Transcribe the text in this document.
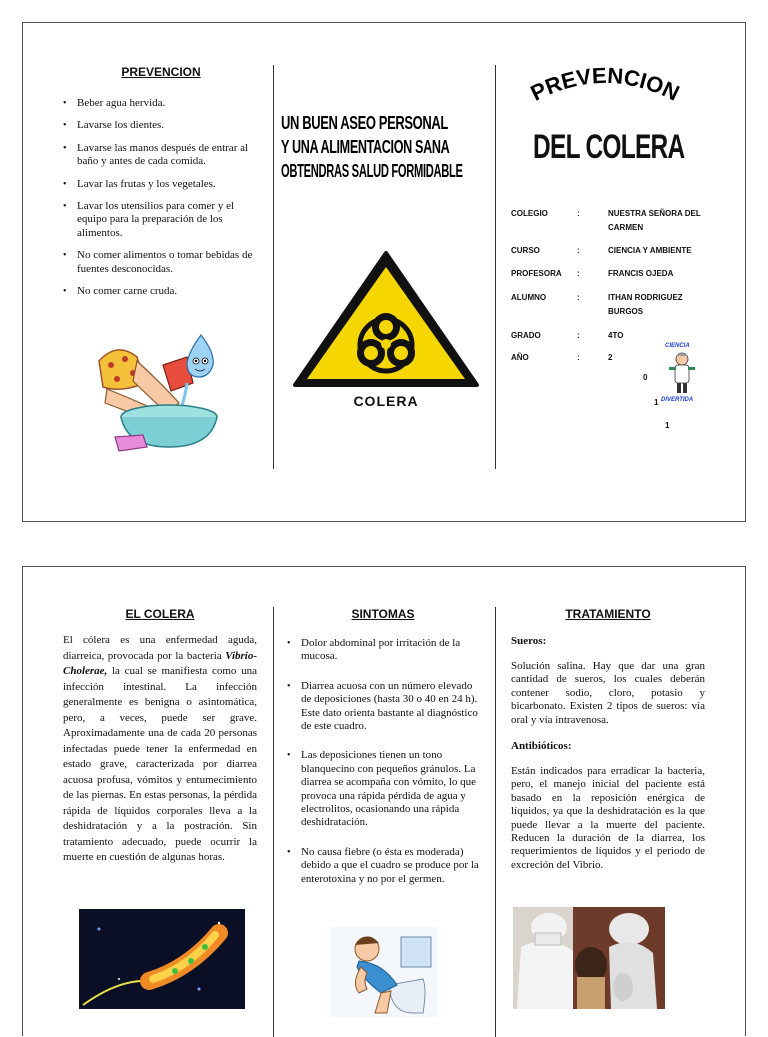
PREVENCION

• Beber agua hervida.
• Lavarse los dientes.
• Lavarse las manos después de entrar al baño y antes de cada comida.
• Lavar las frutas y los vegetales.
• Lavar los utensilios para comer y el equipo para la preparación de los alimentos.
• No comer alimentos o tomar bebidas de fuentes desconocidas.
• No comer carne cruda.
UN BUEN ASEO PERSONAL
Y UNA ALIMENTACION SANA
OBTENDRAS SALUD FORMIDABLE
COLERA
PREVENCION
DEL COLERA
COLEGIO	:	NUESTRA SEÑORA DEL CARMEN
CURSO	:	CIENCIA Y AMBIENTE
PROFESORA :	FRANCIS OJEDA
ALUMNO	:	ITHAN RODRIGUEZ BURGOS
GRADO	:	4TO
AÑO	:	2
0
1
1
CIENCIA
DIVERTIDA

EL COLERA

El cólera es una enfermedad aguda, diarreica, provocada por la bacteria Vibrio-Cholerae, la cual se manifiesta como una infección intestinal. La infección generalmente es benigna o asintomática, pero, a veces, puede ser grave. Aproximadamente una de cada 20 personas infectadas puede tener la enfermedad en estado grave, caracterizada por diarrea acuosa profusa, vómitos y entumecimiento de las piernas. En estas personas, la pérdida rápida de líquidos corporales lleva a la deshidratación y a la postración. Sin tratamiento adecuado, puede ocurrir la muerte en cuestión de algunas horas.

SINTOMAS

• Dolor abdominal por irritación de la mucosa.
• Diarrea acuosa con un número elevado de deposiciones (hasta 30 o 40 en 24 h). Este dato orienta bastante al diagnóstico de este cuadro.
• Las deposiciones tienen un tono blanquecino con pequeños gránulos. La diarrea se acompaña con vómito, lo que provoca una rápida pérdida de agua y electrolitos, ocasionando una rápida deshidratación.
• No causa fiebre (o ésta es moderada) debido a que el cuadro se produce por la enterotoxina y no por el germen.

TRATAMIENTO

Sueros:

Solución salina. Hay que dar una gran cantidad de sueros, los cuales deberán contener sodio, cloro, potasio y bicarbonato. Existen 2 tipos de sueros: vía oral y vía intravenosa.

Antibióticos:

Están indicados para erradicar la bacteria, pero, el manejo inicial del paciente está basado en la reposición enérgica de líquidos, ya que la deshidratación es la que puede llevar a la muerte del paciente. Reducen la duración de la diarrea, los requerimientos de líquidos y el periodo de excreción del Vibrio.
